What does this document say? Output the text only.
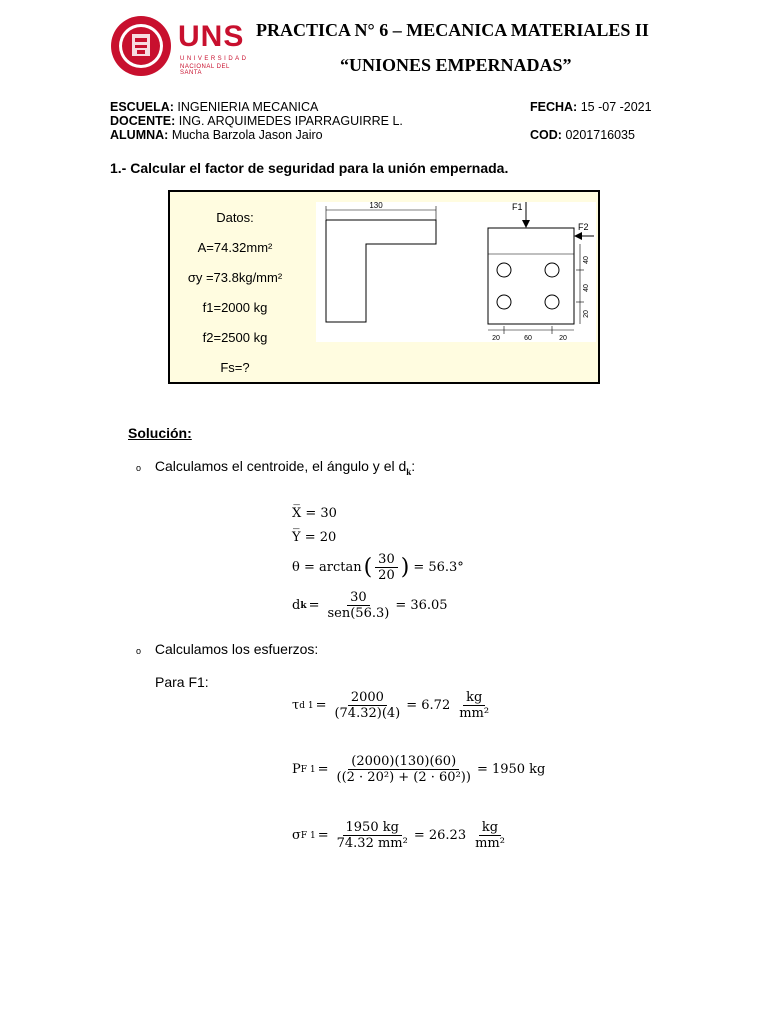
UNS
UNIVERSIDAD
NACIONAL DEL SANTA
PRACTICA N° 6 – MECANICA MATERIALES II
“UNIONES EMPERNADAS”
ESCUELA: INGENIERIA MECANICA	FECHA: 15 -07 -2021
DOCENTE: ING. ARQUIMEDES IPARRAGUIRRE L.
ALUMNA: Mucha Barzola Jason Jairo	COD: 0201716035
1.- Calcular el factor de seguridad para la unión empernada.
Datos:
A=74.32mm²
σy =73.8kg/mm²
f1=2000 kg
f2=2500 kg
Fs=?
130	F1
F2
40
40
20
20	60	20
Solución:
o Calculamos el centroide, el ángulo y el $d_k$:
X̅ = 30
Y̅ = 20
θ = arctan ( $\frac{30}{20}$ ) = 56.3°
d $k = \frac{30}{\text{sen(56.3)}} = 36.05$
o Calculamos los esfuerzos:
Para F1:
τ d $1 = \frac{2000}{(74.32)(4)} = 6.72 \frac{kg}{\text{mm²}}$
P F $1 = \frac{(2000)(130)(60)}{\text{((2 · 20²) + (2 · 60²))}} = 1950$ kg
σ F $1 = \frac{1950 kg}{\text{74.32 mm²}} = 26.23 \frac{kg}{\text{mm²}}$
